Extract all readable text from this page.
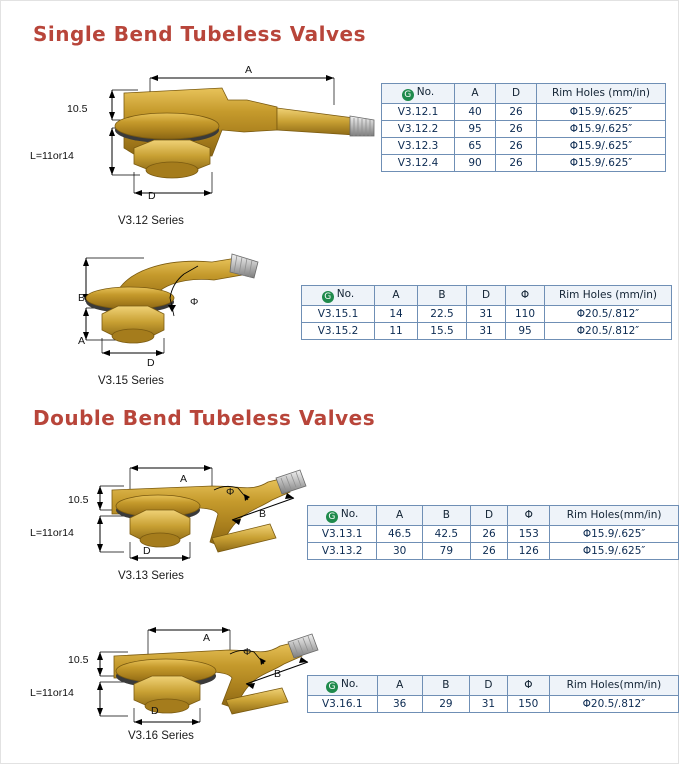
Single Bend Tubeless Valves
A
10.5
L=11or14
D
V3.12 Series
G No.	A	D	Rim Holes (mm/in)
V3.12.1	40	26	Φ15.9/.625″
V3.12.2	95	26	Φ15.9/.625″
V3.12.3	65	26	Φ15.9/.625″
V3.12.4	90	26	Φ15.9/.625″
B
A
D
Φ
V3.15 Series
G No.	A	B	D	Φ	Rim Holes (mm/in)
V3.15.1	14	22.5	31	110	Φ20.5/.812″
V3.15.2	11	15.5	31	95	Φ20.5/.812″
Double Bend Tubeless Valves
A
B
Φ
10.5
L=11or14
D
V3.13 Series
G No.	A	B	D	Φ	Rim Holes(mm/in)
V3.13.1	46.5	42.5	26	153	Φ15.9/.625″
V3.13.2	30	79	26	126	Φ15.9/.625″
A
B
Φ
10.5
L=11or14
D
V3.16 Series
G No.	A	B	D	Φ	Rim Holes(mm/in)
V3.16.1	36	29	31	150	Φ20.5/.812″
